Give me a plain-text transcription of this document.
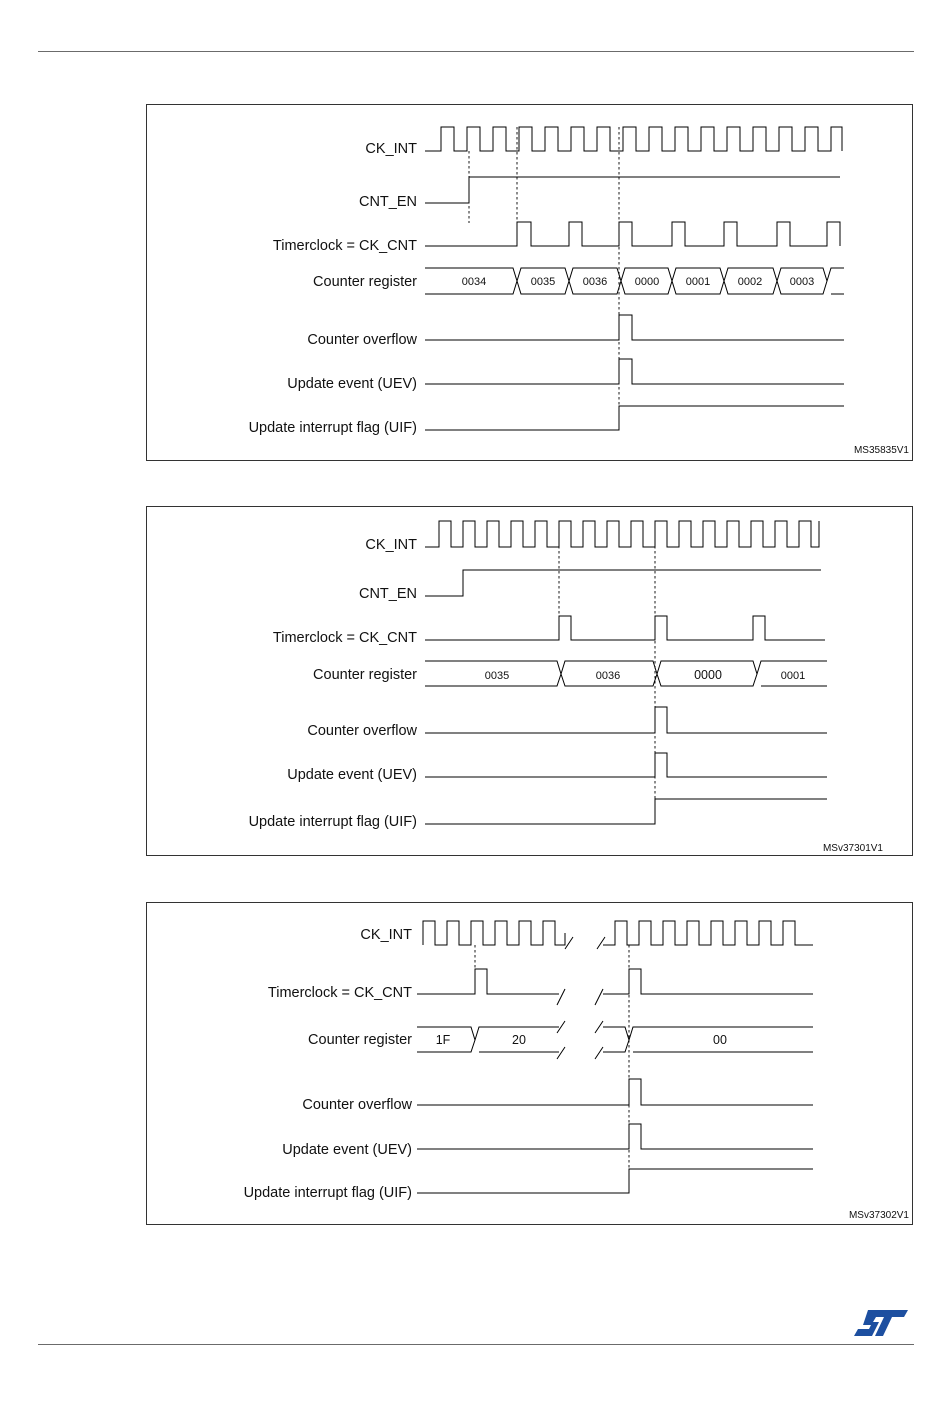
CK_INT
CNT_EN
Timerclock = CK_CNT
Counter register
Counter overflow
Update event (UEV)
Update interrupt flag (UIF)
0034	0035	0036	0000 0001	0002	0003
MS35835V1
CK_INT
CNT_EN
Timerclock = CK_CNT
Counter register
Counter overflow
Update event (UEV)
Update interrupt flag (UIF)
0035	0036	0000	0001
MSv37301V1
CK_INT
Timerclock = CK_CNT
Counter register
Counter overflow
Update event (UEV)
Update interrupt flag (UIF)
1F	20	00
MSv37302V1
